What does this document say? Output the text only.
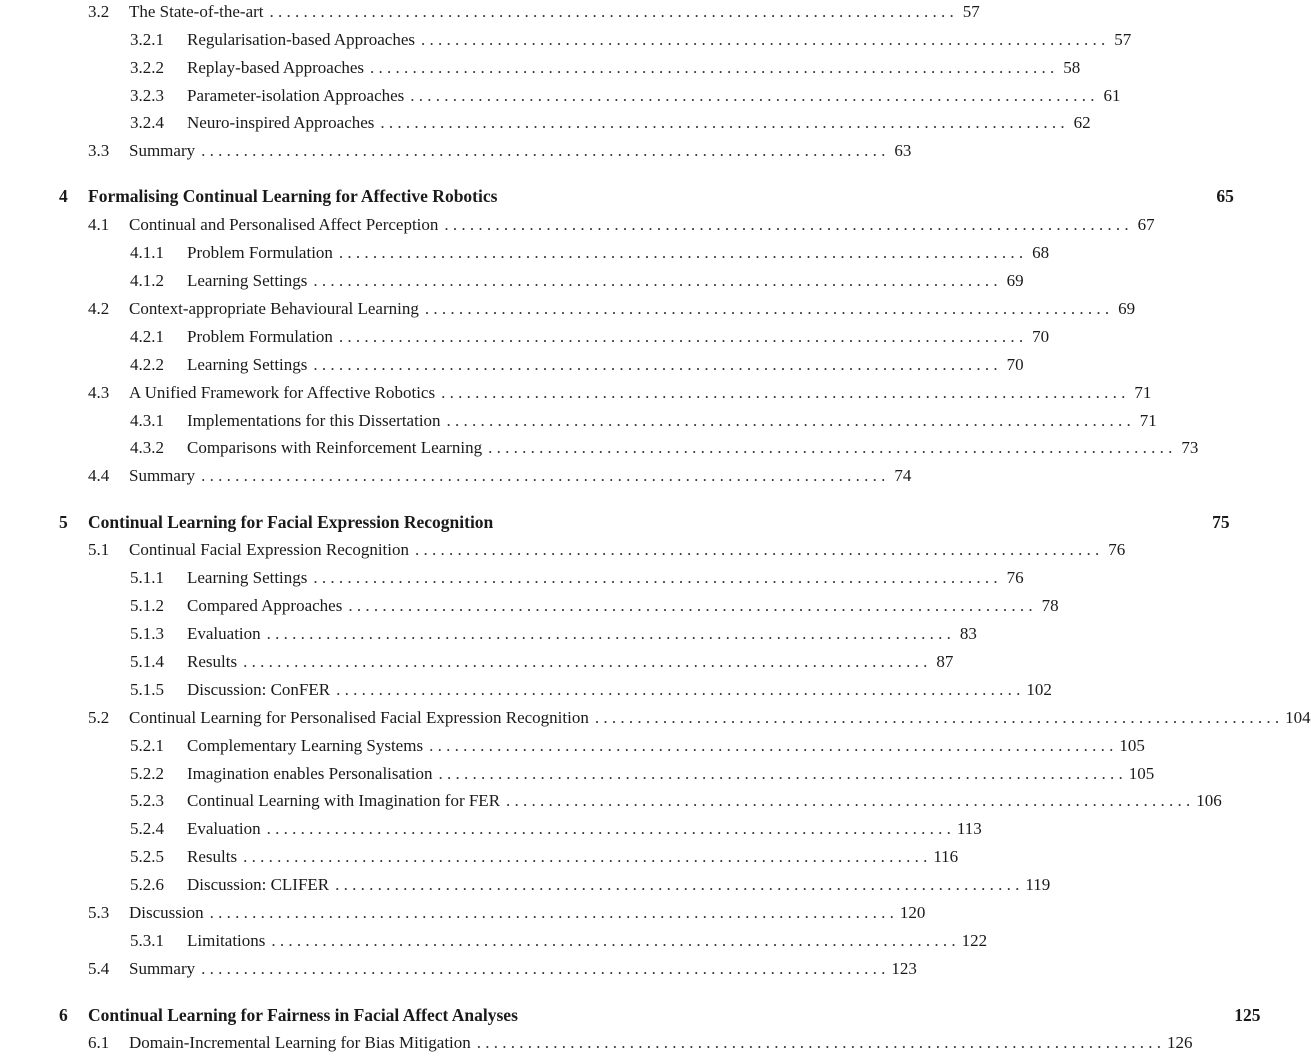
3.2	The State-of-the-art . . .	57
3.2.1	Regularisation-based Approaches . . .	57
3.2.2	Replay-based Approaches . . .	58
3.2.3	Parameter-isolation Approaches . . .	61
3.2.4	Neuro-inspired Approaches . . .	62
3.3	Summary . . .	63
4	Formalising Continual Learning for Affective Robotics	65
4.1	Continual and Personalised Affect Perception . . .	67
4.1.1	Problem Formulation . . .	68
4.1.2	Learning Settings . . .	69
4.2	Context-appropriate Behavioural Learning . . .	69
4.2.1	Problem Formulation . . .	70
4.2.2	Learning Settings . . .	70
4.3	A Unified Framework for Affective Robotics . . .	71
4.3.1	Implementations for this Dissertation . . .	71
4.3.2	Comparisons with Reinforcement Learning . . .	73
4.4	Summary . . .	74
5	Continual Learning for Facial Expression Recognition	75
5.1	Continual Facial Expression Recognition . . .	76
5.1.1	Learning Settings . . .	76
5.1.2	Compared Approaches . . .	78
5.1.3	Evaluation . . .	83
5.1.4	Results . . .	87
5.1.5	Discussion: ConFER . . .	102
5.2	Continual Learning for Personalised Facial Expression Recognition . . .	104
5.2.1	Complementary Learning Systems . . .	105
5.2.2	Imagination enables Personalisation . . .	105
5.2.3	Continual Learning with Imagination for FER . . .	106
5.2.4	Evaluation . . .	113
5.2.5	Results . . .	116
5.2.6	Discussion: CLIFER . . .	119
5.3	Discussion . . .	120
5.3.1	Limitations . . .	122
5.4	Summary . . .	123
6	Continual Learning for Fairness in Facial Affect Analyses	125
6.1	Domain-Incremental Learning for Bias Mitigation . . .	126
